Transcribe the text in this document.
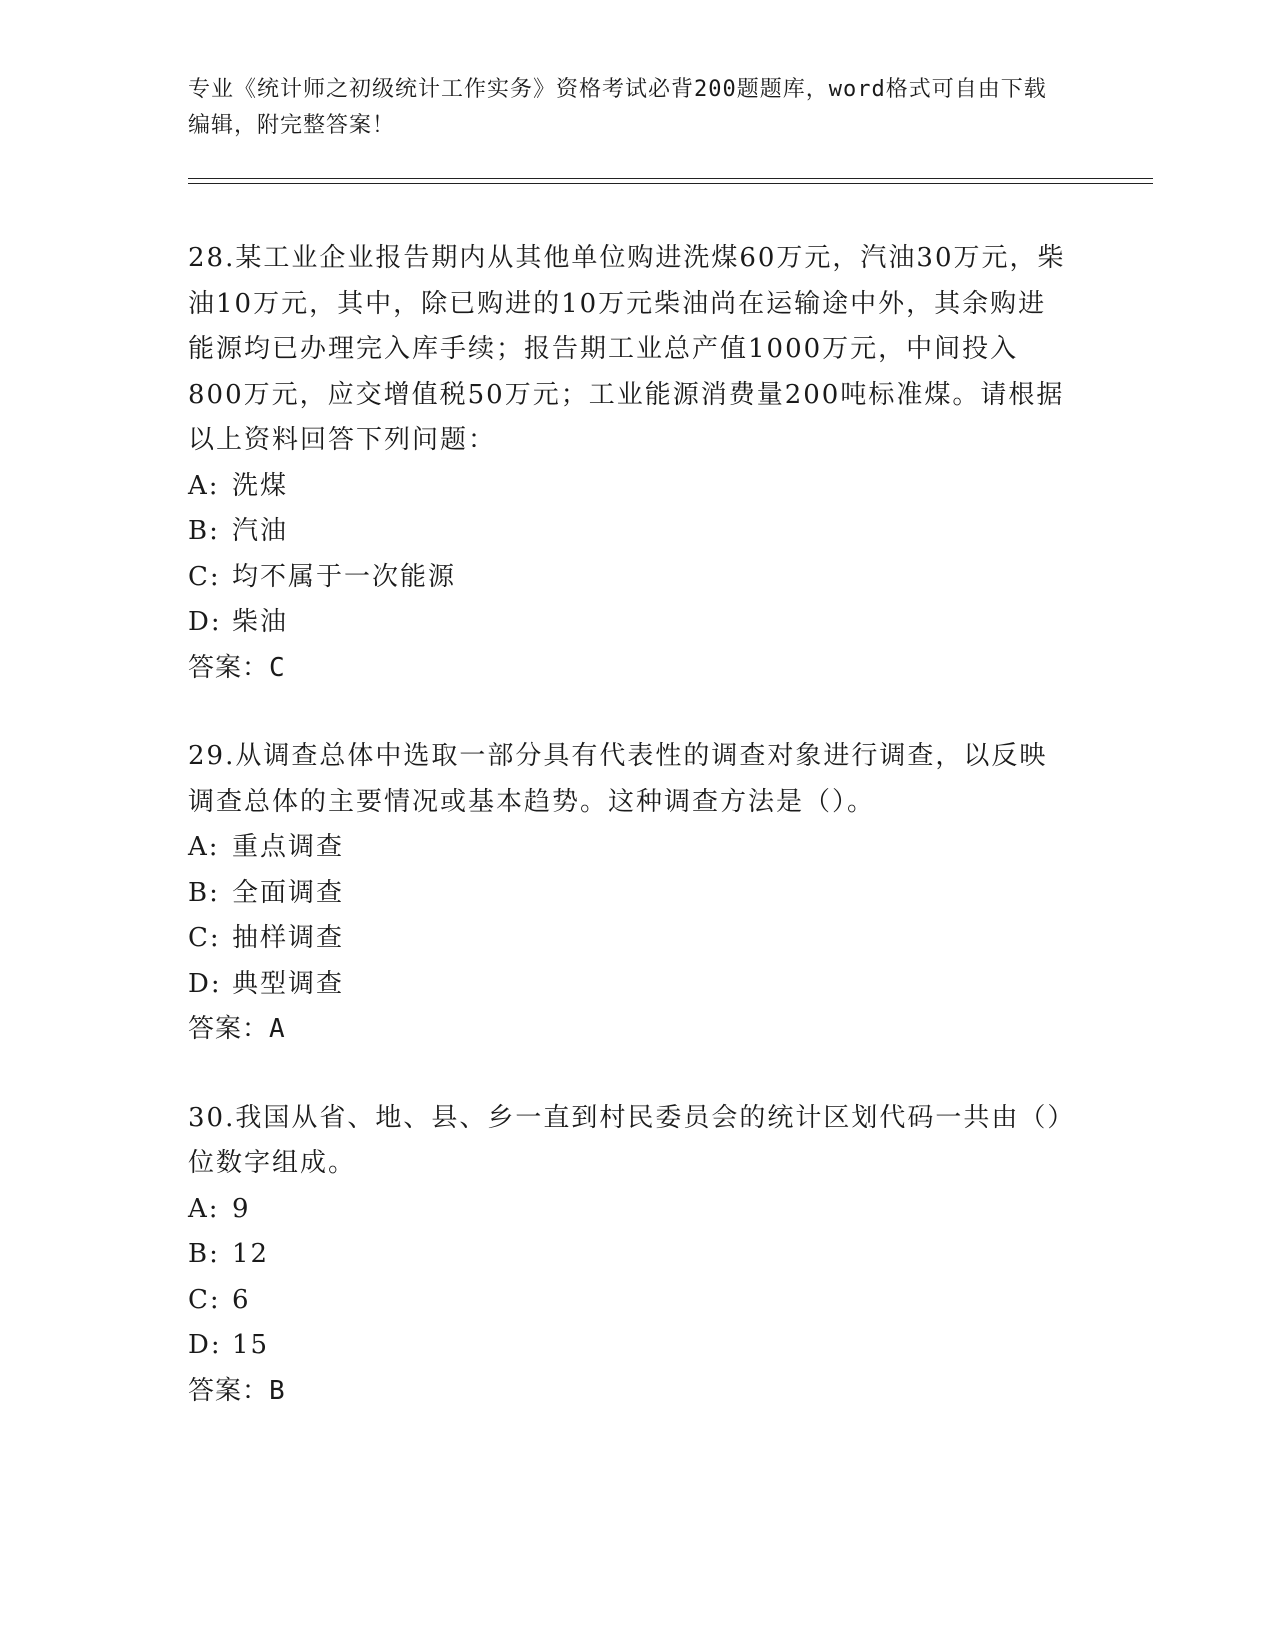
专业《统计师之初级统计工作实务》资格考试必背200题题库，word格式可自由下载编辑，附完整答案！

28.某工业企业报告期内从其他单位购进洗煤60万元，汽油30万元，柴油10万元，其中，除已购进的10万元柴油尚在运输途中外，其余购进能源均已办理完入库手续；报告期工业总产值1000万元，中间投入800万元，应交增值税50万元；工业能源消费量200吨标准煤。请根据以上资料回答下列问题：

A: 洗煤
B: 汽油
C: 均不属于一次能源
D: 柴油

答案：C

29.从调查总体中选取一部分具有代表性的调查对象进行调查，以反映调查总体的主要情况或基本趋势。这种调查方法是（）。

A: 重点调查
B: 全面调查
C: 抽样调查
D: 典型调查

答案：A

30.我国从省、地、县、乡一直到村民委员会的统计区划代码一共由（）位数字组成。

A: 9
B: 12
C: 6
D: 15

答案：B
